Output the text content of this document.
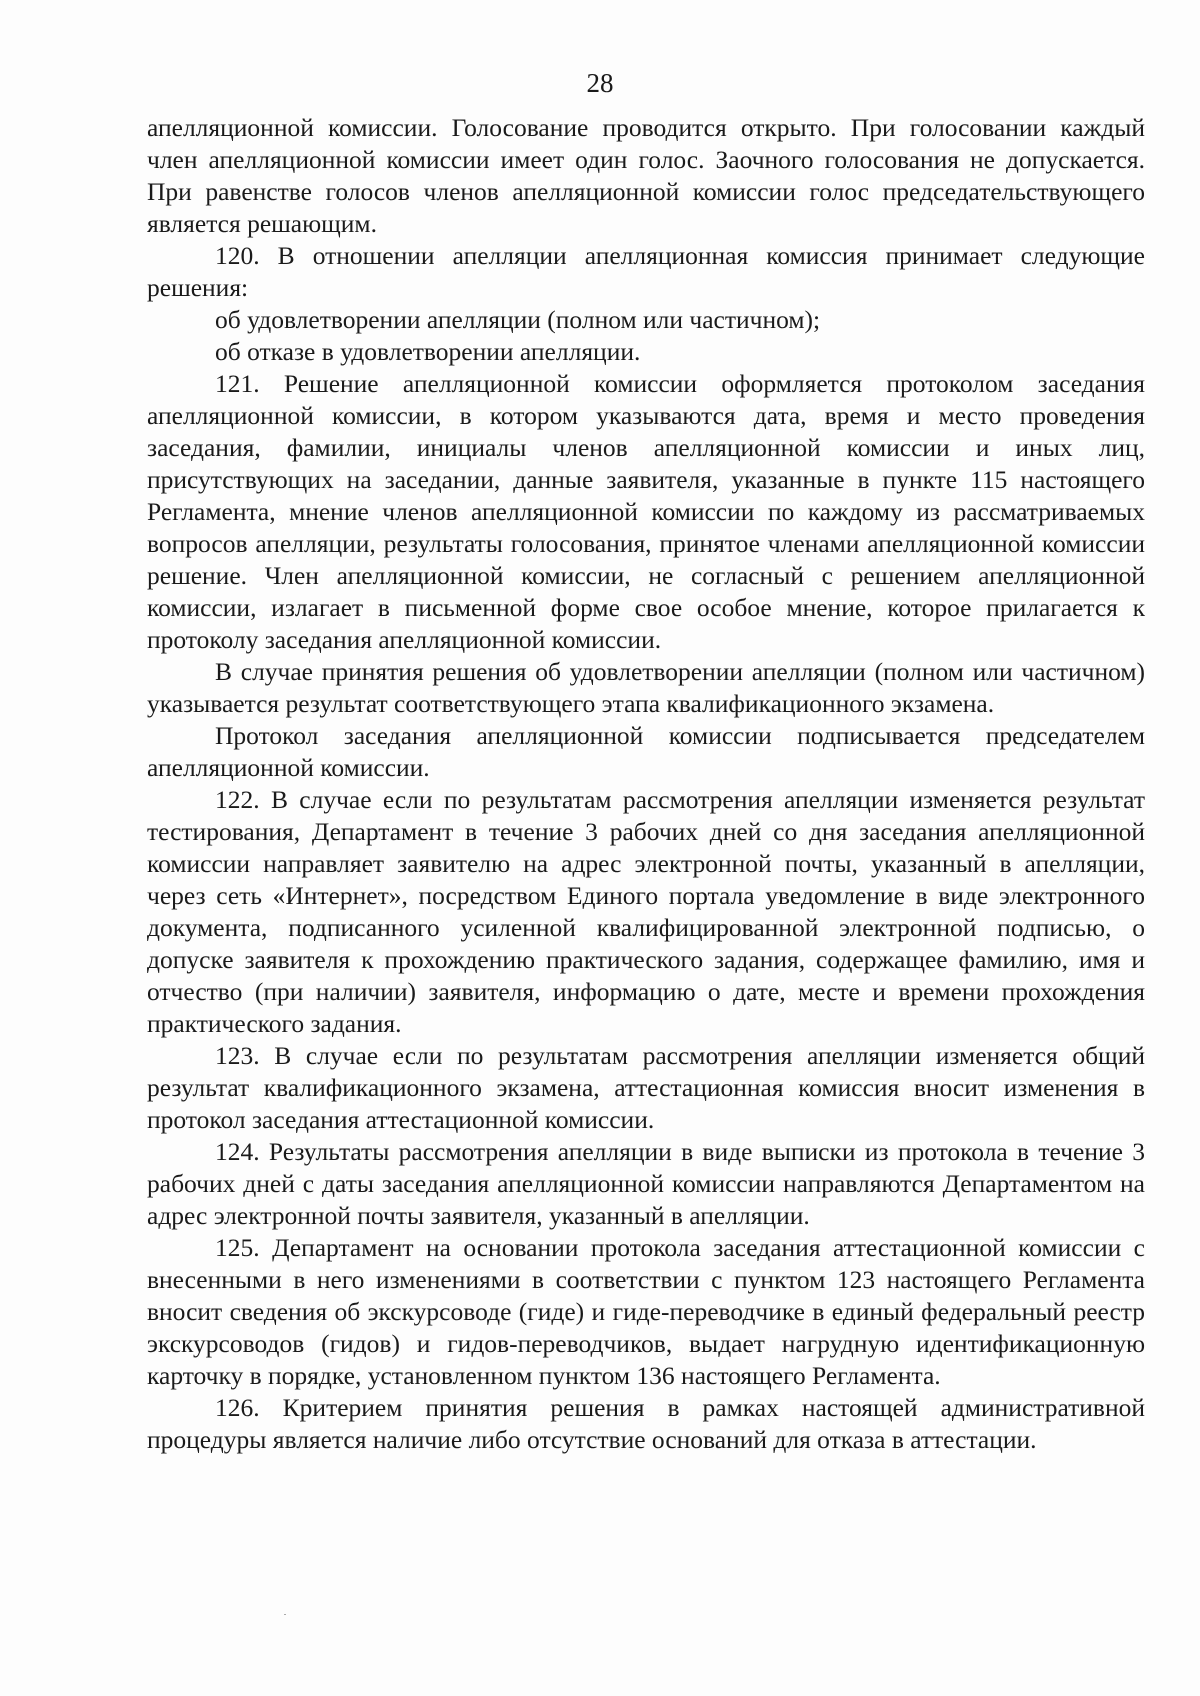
28

апелляционной комиссии. Голосование проводится открыто. При голосовании каждый член апелляционной комиссии имеет один голос. Заочного голосования не допускается. При равенстве голосов членов апелляционной комиссии голос председательствующего является решающим.

120. В отношении апелляции апелляционная комиссия принимает следующие решения:

об удовлетворении апелляции (полном или частичном);

об отказе в удовлетворении апелляции.

121. Решение апелляционной комиссии оформляется протоколом заседания апелляционной комиссии, в котором указываются дата, время и место проведения заседания, фамилии, инициалы членов апелляционной комиссии и иных лиц, присутствующих на заседании, данные заявителя, указанные в пункте 115 настоящего Регламента, мнение членов апелляционной комиссии по каждому из рассматриваемых вопросов апелляции, результаты голосования, принятое членами апелляционной комиссии решение. Член апелляционной комиссии, не согласный с решением апелляционной комиссии, излагает в письменной форме свое особое мнение, которое прилагается к протоколу заседания апелляционной комиссии.

В случае принятия решения об удовлетворении апелляции (полном или частичном) указывается результат соответствующего этапа квалификационного экзамена.

Протокол заседания апелляционной комиссии подписывается председателем апелляционной комиссии.

122. В случае если по результатам рассмотрения апелляции изменяется результат тестирования, Департамент в течение 3 рабочих дней со дня заседания апелляционной комиссии направляет заявителю на адрес электронной почты, указанный в апелляции, через сеть «Интернет», посредством Единого портала уведомление в виде электронного документа, подписанного усиленной квалифицированной электронной подписью, о допуске заявителя к прохождению практического задания, содержащее фамилию, имя и отчество (при наличии) заявителя, информацию о дате, месте и времени прохождения практического задания.

123. В случае если по результатам рассмотрения апелляции изменяется общий результат квалификационного экзамена, аттестационная комиссия вносит изменения в протокол заседания аттестационной комиссии.

124. Результаты рассмотрения апелляции в виде выписки из протокола в течение 3 рабочих дней с даты заседания апелляционной комиссии направляются Департаментом на адрес электронной почты заявителя, указанный в апелляции.

125. Департамент на основании протокола заседания аттестационной комиссии с внесенными в него изменениями в соответствии с пунктом 123 настоящего Регламента вносит сведения об экскурсоводе (гиде) и гиде-переводчике в единый федеральный реестр экскурсоводов (гидов) и гидов-переводчиков, выдает нагрудную идентификационную карточку в порядке, установленном пунктом 136 настоящего Регламента.

126. Критерием принятия решения в рамках настоящей административной процедуры является наличие либо отсутствие оснований для отказа в аттестации.
